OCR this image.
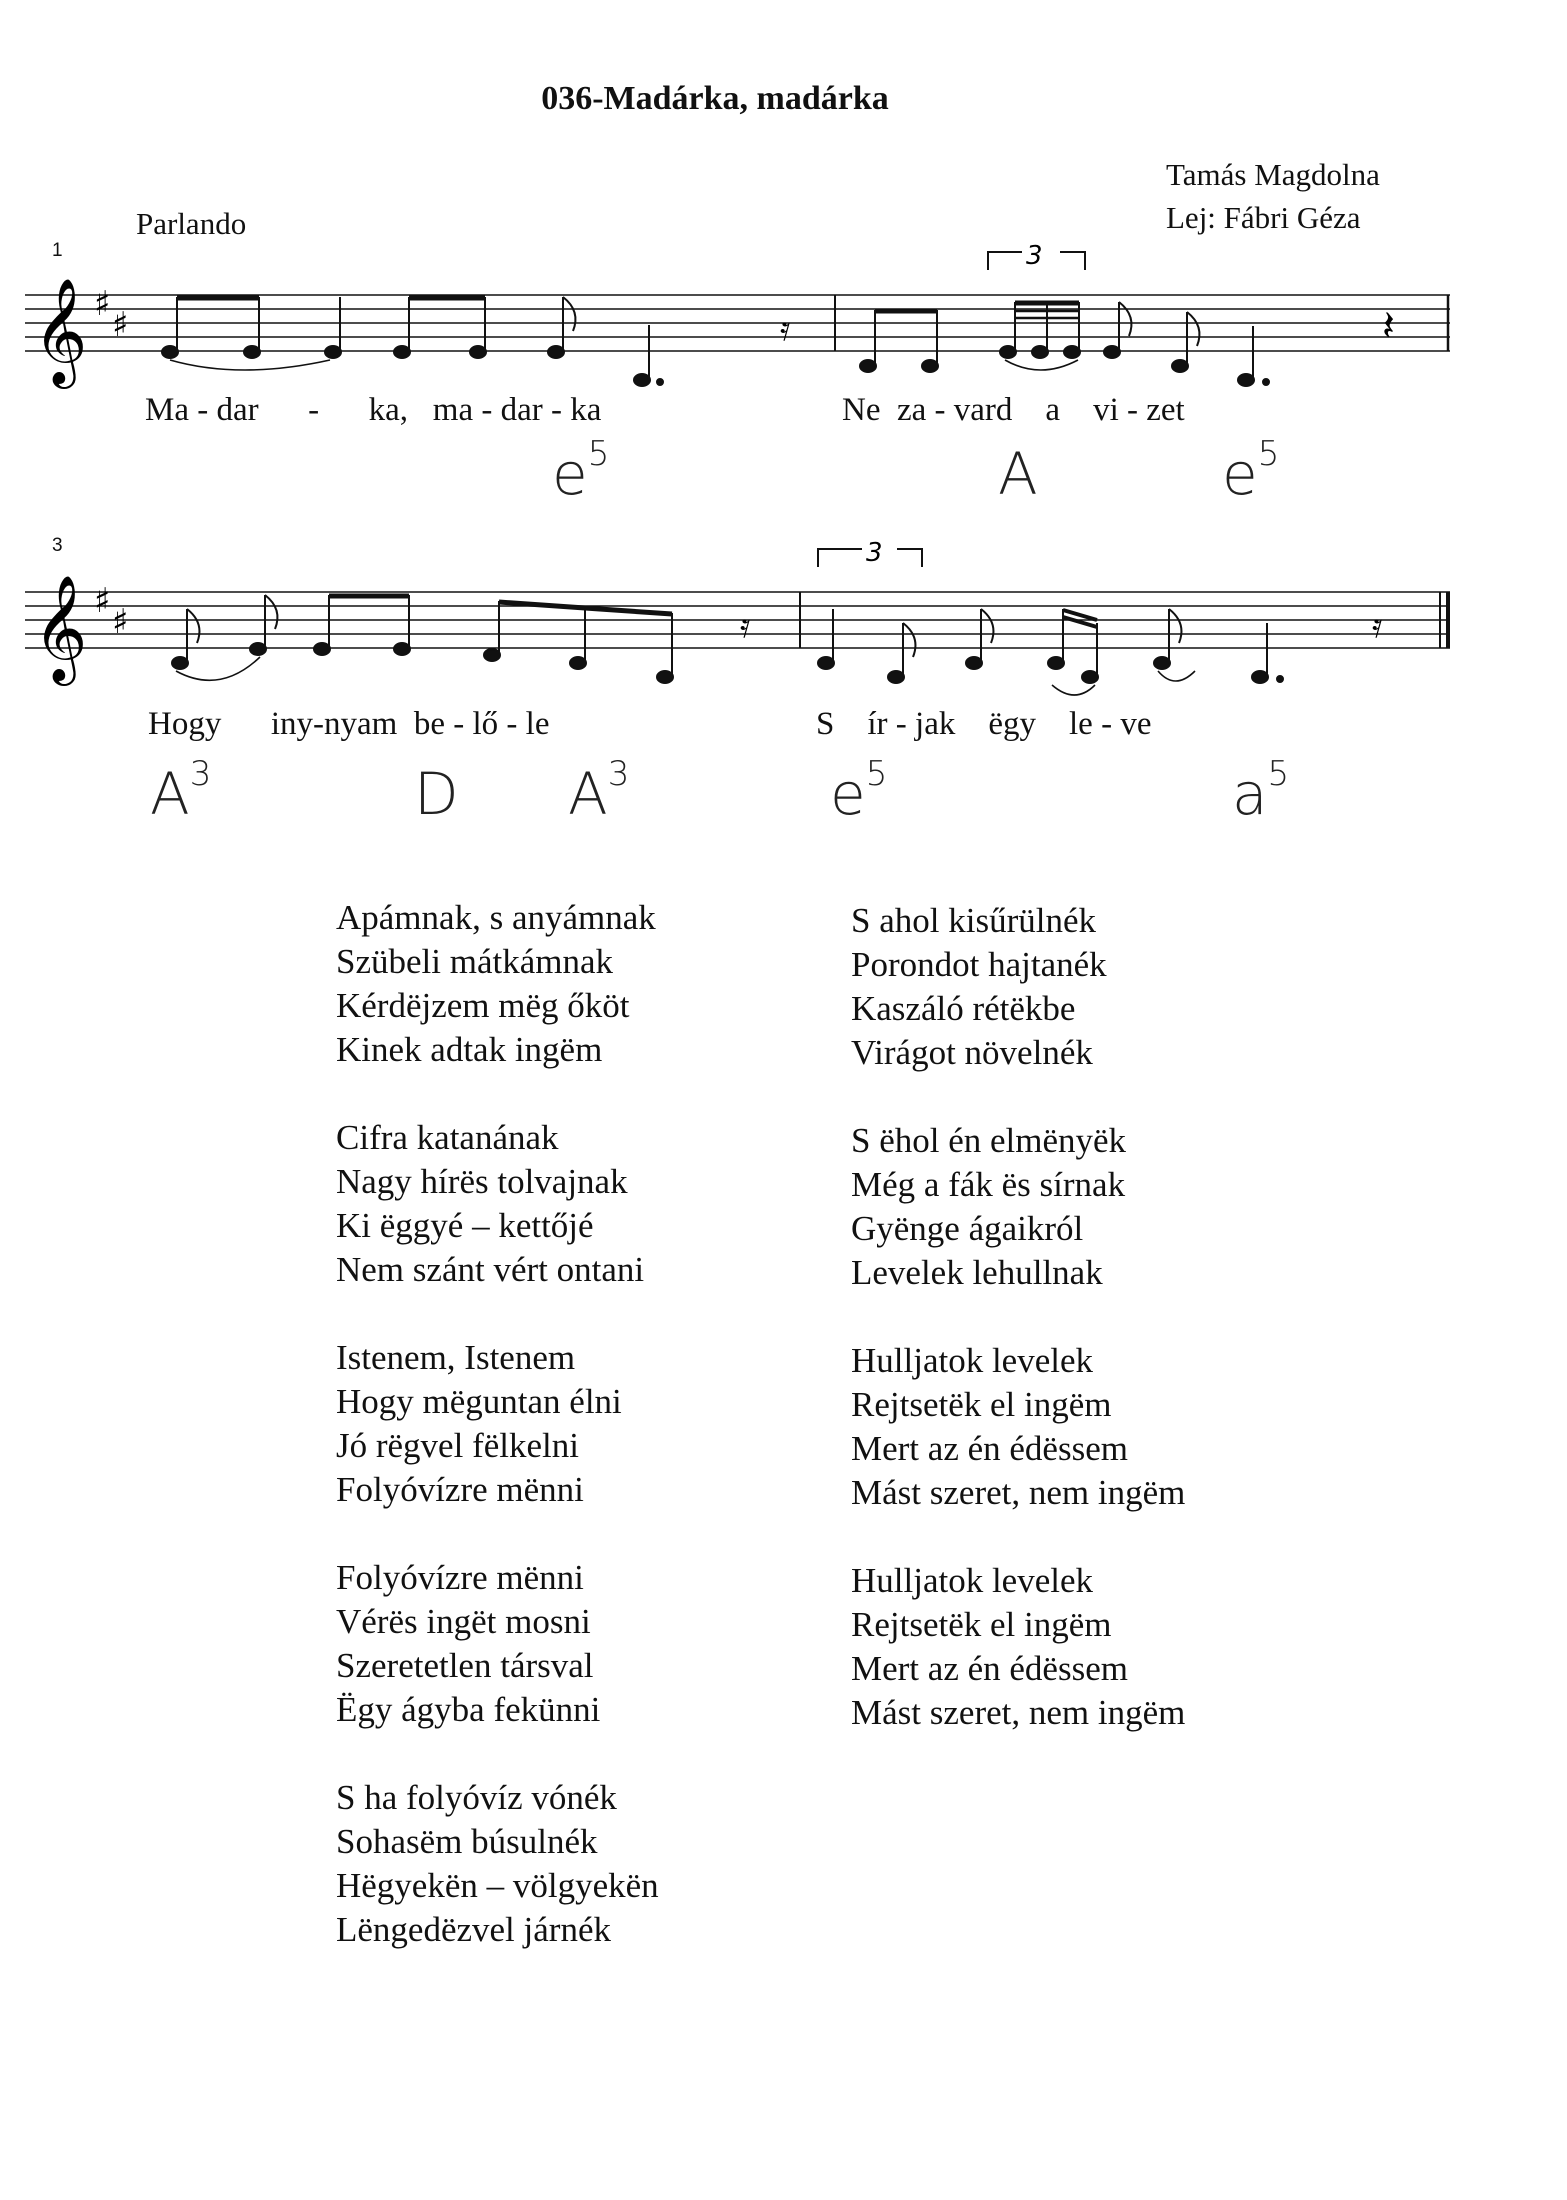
036-Madárka, madárka
Tamás Magdolna
Lej: Fábri Géza
Parlando
1
𝄞 ♯
♯	𝄿	𝄽
3
Ma - dar - ka, ma - dar - ka	Ne za - vard a vi - zet
$e^5$	A	$e^5$
3
𝄞 ♯
♯	𝄿	𝄿
3
Hogy iny-nyam be - lő - le	S ír - jak ëgy le - ve
$A^3$	D $A^3$	$e^5$	$a^5$
Apámnak, s anyámnak
Szübeli mátkámnak
Kérdëjzem mëg őköt
Kinek adtak ingëm
Cifra katanának
Nagy hírës tolvajnak
Ki ëggyé – kettőjé
Nem szánt vért ontani
Istenem, Istenem
Hogy mëguntan élni
Jó rëgvel fëlkelni
Folyóvízre mënni
Folyóvízre mënni
Vérës ingët mosni
Szeretetlen társval
Ëgy ágyba fekünni
S ha folyóvíz vónék
Sohasëm búsulnék
Hëgyekën – völgyekën
Lëngedëzvel járnék
S ahol kisűrülnék
Porondot hajtanék
Kaszáló rétëkbe
Virágot növelnék
S ëhol én elmënyëk
Még a fák ës sírnak
Gyënge ágaikról
Levelek lehullnak
Hulljatok levelek
Rejtsetëk el ingëm
Mert az én édëssem
Mást szeret, nem ingëm
Hulljatok levelek
Rejtsetëk el ingëm
Mert az én édëssem
Mást szeret, nem ingëm
